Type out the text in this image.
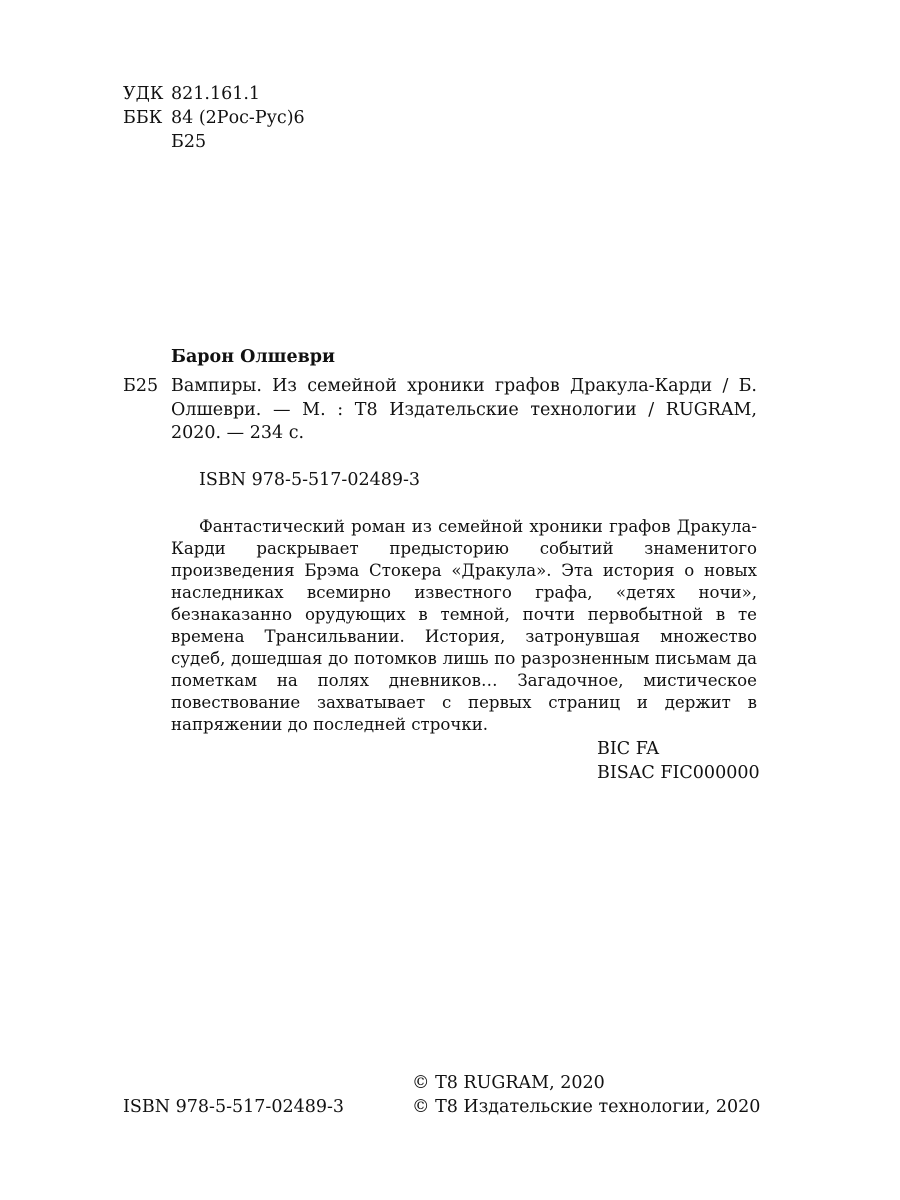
УДК 821.161.1
ББК 84 (2Рос-Рус)6
Б25
Барон Олшеври
Б25 Вампиры. Из семейной хроники графов Дракула-Карди / Б. Олшеври. — М. : Т8 Издательские технологии / RUGRAM, 2020. — 234 с.
ISBN 978-5-517-02489-3
Фантастический роман из семейной хроники графов Дракула-Карди раскрывает предысторию событий знаменитого произведения Брэма Стокера «Дракула». Эта история о новых наследниках всемирно известного графа, «детях ночи», безнаказанно орудующих в темной, почти первобытной в те времена Трансильвании. История, затронувшая множество судеб, дошедшая до потомков лишь по разрозненным письмам да пометкам на полях дневников… Загадочное, мистическое повествование захватывает с первых страниц и держит в напряжении до последней строчки.
BIC FA
BISAC FIC000000
© T8 RUGRAM, 2020
ISBN 978-5-517-02489-3	© Т8 Издательские технологии, 2020
